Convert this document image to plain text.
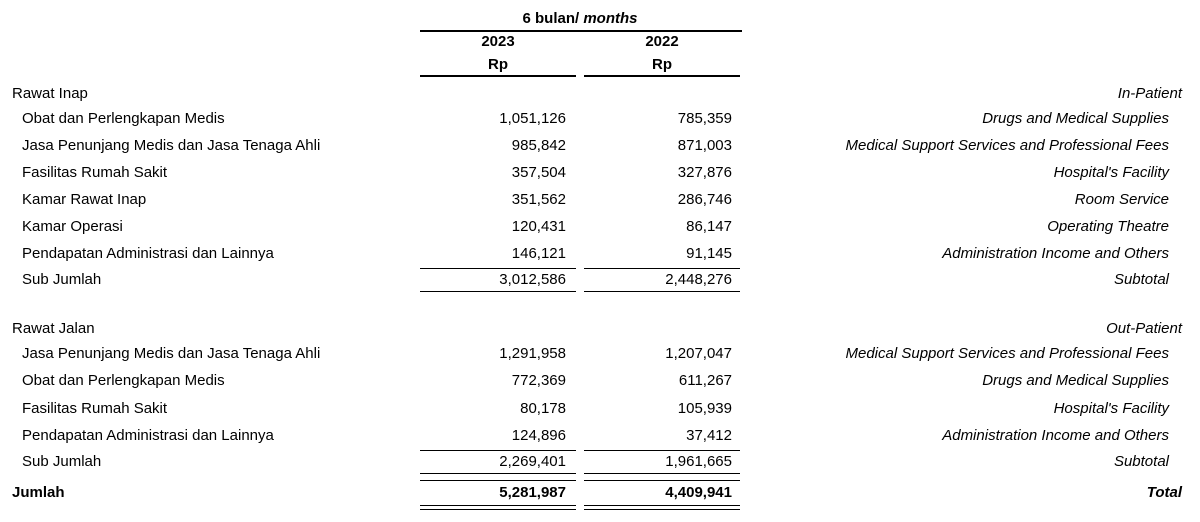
6 bulan/ months
2023	2022
Rp	Rp
Rawat Inap	In-Patient
Obat dan Perlengkapan Medis	1,051,126	785,359	Drugs and Medical Supplies
Jasa Penunjang Medis dan Jasa Tenaga Ahli	985,842	871,003	Medical Support Services and Professional Fees
Fasilitas Rumah Sakit	357,504	327,876	Hospital's Facility
Kamar Rawat Inap	351,562	286,746	Room Service
Kamar Operasi	120,431	86,147	Operating Theatre
Pendapatan Administrasi dan Lainnya	146,121	91,145	Administration Income and Others
Sub Jumlah	3,012,586	2,448,276	Subtotal
Rawat Jalan	Out-Patient
Jasa Penunjang Medis dan Jasa Tenaga Ahli	1,291,958	1,207,047	Medical Support Services and Professional Fees
Obat dan Perlengkapan Medis	772,369	611,267	Drugs and Medical Supplies
Fasilitas Rumah Sakit	80,178	105,939	Hospital's Facility
Pendapatan Administrasi dan Lainnya	124,896	37,412	Administration Income and Others
Sub Jumlah	2,269,401	1,961,665	Subtotal
Jumlah	5,281,987	4,409,941	Total
